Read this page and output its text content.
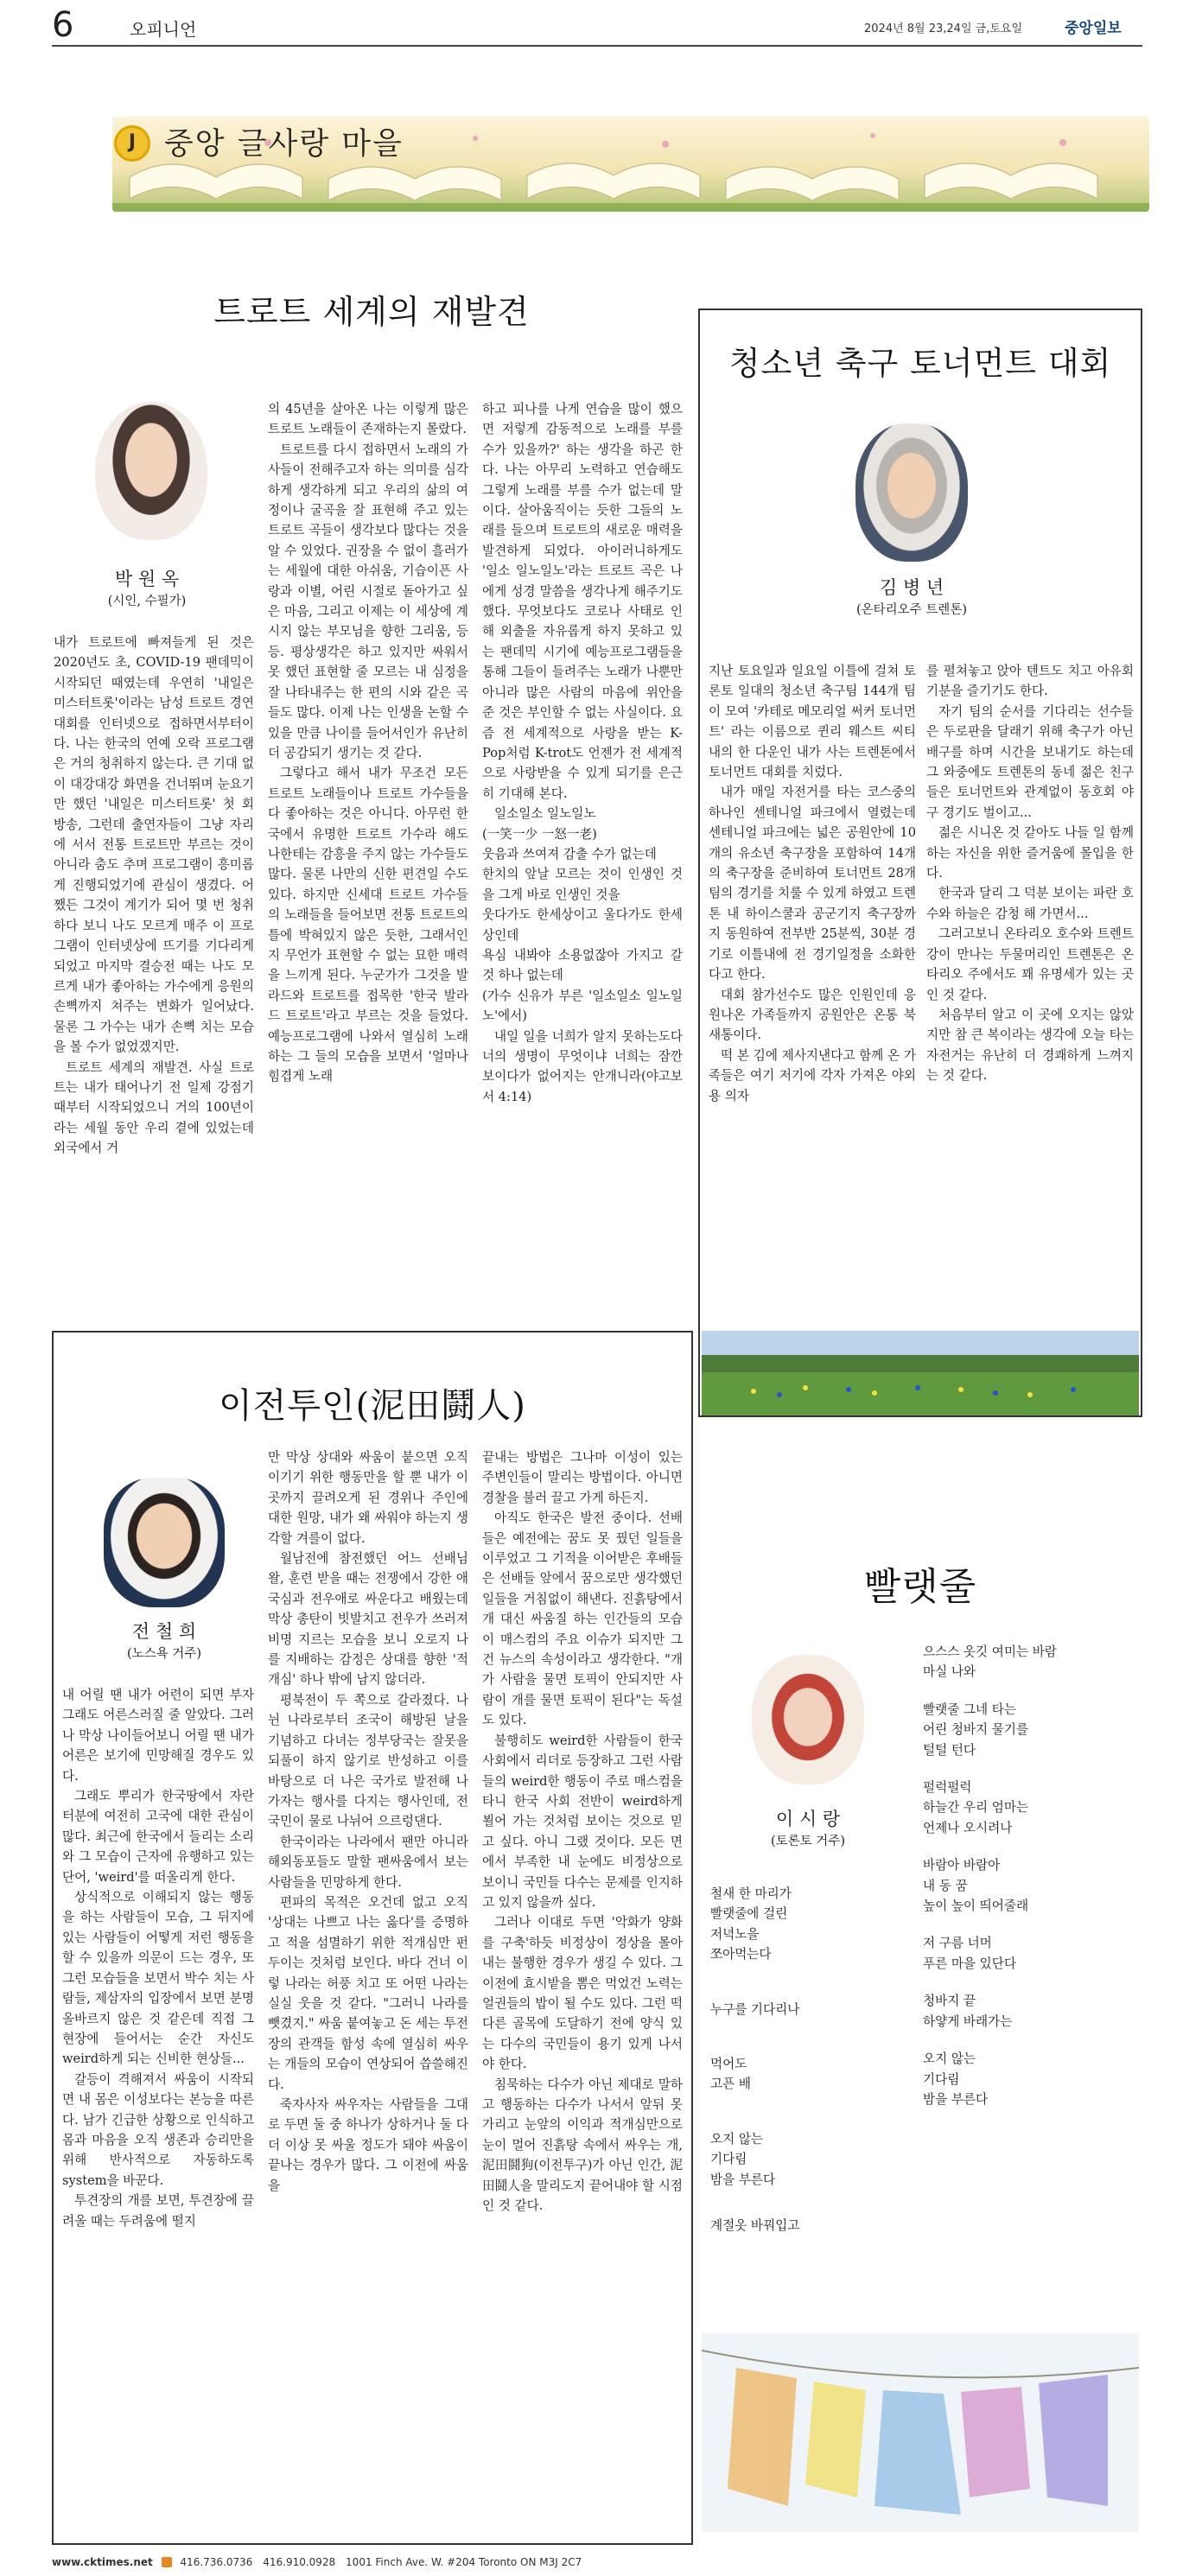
6	오피니언	2024년 8월 23,24일 금,토요일	중앙일보
J 중앙 글사랑 마을
트로트 세계의 재발견
박 원 옥
(시인, 수필가)

내가 트로트에 빠져들게 된 것은 2020년도 초, COVID-19 팬데믹이 시작되던 때였는데 우연히 '내일은 미스터트롯'이라는 남성 트로트 경연대회를 인터넷으로 접하면서부터이다. 나는 한국의 연예 오락 프로그램은 거의 청취하지 않는다. 큰 기대 없이 대강대강 화면을 건너뛰며 눈요기만 했던 '내일은 미스터트롯' 첫 회 방송, 그런데 출연자들이 그냥 자리에 서서 전통 트로트만 부르는 것이 아니라 춤도 추며 프로그램이 흥미롭게 진행되었기에 관심이 생겼다. 어쨌든 그것이 계기가 되어 몇 번 청취하다 보니 나도 모르게 매주 이 프로그램이 인터넷상에 뜨기를 기다리게 되었고 마지막 결승전 때는 나도 모르게 내가 좋아하는 가수에게 응원의 손뼉까지 쳐주는 변화가 일어났다. 물론 그 가수는 내가 손뼉 치는 모습을 볼 수가 없었겠지만.

트로트 세계의 재발견. 사실 트로트는 내가 태어나기 전 일제 강점기 때부터 시작되었으니 거의 100년이라는 세월 동안 우리 곁에 있었는데 외국에서 거

의 45년을 살아온 나는 이렇게 많은 트로트 노래들이 존재하는지 몰랐다.

트로트를 다시 접하면서 노래의 가사들이 전해주고자 하는 의미를 심각하게 생각하게 되고 우리의 삶의 여정이나 굴곡을 잘 표현해 주고 있는 트로트 곡들이 생각보다 많다는 것을 알 수 있었다. 권장을 수 없이 흘러가는 세월에 대한 아쉬움, 기습이픈 사랑과 이별, 어린 시절로 돌아가고 싶은 마음, 그리고 이제는 이 세상에 계시지 않는 부모님을 향한 그리움, 등등. 평상생각은 하고 있지만 싸워서 못 했던 표현할 줄 모르는 내 심정을 잘 나타내주는 한 편의 시와 같은 곡들도 많다. 이제 나는 인생을 논할 수 있을 만큼 나이를 들어서인가 유난히 더 공감되기 생기는 것 같다.

그렇다고 해서 내가 무조건 모든 트로트 노래들이나 트로트 가수들을 다 좋아하는 것은 아니다. 아무런 한국에서 유명한 트로트 가수라 해도 나한테는 감흥을 주지 않는 가수들도 많다. 물론 나만의 신한 편견일 수도 있다. 하지만 신세대 트로트 가수들의 노래들을 들어보면 전통 트로트의 틀에 박혀있지 않은 듯한, 그래서인지 무언가 표현할 수 없는 묘한 매력을 느끼게 된다. 누군가가 그것을 발라드와 트로트를 접목한 '한국 발라드 트로트'라고 부르는 것을 들었다. 예능프로그램에 나와서 열심히 노래하는 그 들의 모습을 보면서 '얼마나 힘겹게 노래

하고 피나를 나게 연습을 많이 했으면 저렇게 감동적으로 노래를 부를 수가 있을까?' 하는 생각을 하곤 한다. 나는 아무리 노력하고 연습해도 그렇게 노래를 부를 수가 없는데 말이다. 살아움직이는 듯한 그들의 노래를 들으며 트로트의 새로운 매력을 발견하게 되었다. 아이러니하게도 '일소 일노일노'라는 트로트 곡은 나에게 성경 말씀을 생각나게 해주기도 했다. 무엇보다도 코로나 사태로 인해 외출을 자유롭게 하지 못하고 있는 팬데믹 시기에 예능프로그램들을 통해 그들이 들려주는 노래가 나뿐만 아니라 많은 사람의 마음에 위안을 준 것은 부인할 수 없는 사실이다. 요즘 전 세계적으로 사랑을 받는 K-Pop처럼 K-trot도 언젠가 전 세계적으로 사랑받을 수 있게 되기를 은근히 기대해 본다.

일소일소 일노일노

(一笑一少 一怒一老)

웃음과 쓰여져 감출 수가 없는데

한치의 앞날 모르는 것이 인생인 것을 그게 바로 인생인 것을

웃다가도 한세상이고 울다가도 한세상인데

욕심 내봐야 소용없잖아 가지고 갈 것 하나 없는데

(가수 신유가 부른 '일소일소 일노일노'에서)

내일 일을 너희가 알지 못하는도다 너의 생명이 무엇이냐 너희는 잠깐 보이다가 없어지는 안개니라(야고보서 4:14)

청소년 축구 토너먼트 대회
김 병 년
(온타리오주 트렌톤)

지난 토요일과 일요일 이틀에 걸쳐 토론토 일대의 청소년 축구팀 144개 팀이 모여 '카테로 메모리얼 써커 토너먼트' 라는 이름으로 퀸리 웨스트 씨티 내의 한 다운인 내가 사는 트렌톤에서 토너먼트 대회를 치렀다.

내가 매일 자전거를 타는 코스중의 하나인 센테니얼 파크에서 열렸는데 센테니얼 파크에는 넓은 공원안에 10개의 유소년 축구장을 포함하여 14개의 축구장을 준비하여 토너먼트 28개팀의 경기를 치룰 수 있게 하였고 트렌톤 내 하이스쿨과 공군기지 축구장까지 동원하여 전부반 25분씩, 30분 경기로 이틀내에 전 경기일정을 소화한다고 한다.

대회 참가선수도 많은 인원인데 응원나온 가족들까지 공원안은 온통 북새통이다.

떡 본 김에 제사지낸다고 함께 온 가족들은 여기 저기에 각자 가져온 야외용 의자

를 펼쳐놓고 앉아 텐트도 치고 아유회 기분을 즐기기도 한다.

자기 팀의 순서를 기다리는 선수들은 두로판을 달래기 위해 축구가 아닌 배구를 하며 시간을 보내기도 하는데 그 와중에도 트렌톤의 동네 젊은 친구들은 토너먼트와 관계없이 동호회 야구 경기도 벌이고...

젊은 시니온 것 같아도 나들 일 함께하는 자신을 위한 즐거움에 몰입을 한다.

한국과 달리 그 덕분 보이는 파란 호수와 하늘은 감청 해 가면서...

그러고보니 온타리오 호수와 트렌트 강이 만나는 두물머리인 트렌톤은 온타리오 주에서도 꽤 유명세가 있는 곳인 것 같다.

처음부터 알고 이 곳에 오지는 않았지만 참 큰 복이라는 생각에 오늘 타는 자전거는 유난히 더 경쾌하게 느껴지는 것 같다.

이전투인(泥田鬪人)
전 철 희
(노스욕 거주)

내 어릴 땐 내가 어련이 되면 부자 그래도 어른스러질 줄 알았다. 그러나 막상 나이들어보니 어릴 땐 내가 어른은 보기에 민망해질 경우도 있다.

그래도 뿌리가 한국땅에서 자란 터분에 여전히 고국에 대한 관심이 많다. 최근에 한국에서 들리는 소리와 그 모습이 근자에 유행하고 있는 단어, 'weird'를 떠올리게 한다.

상식적으로 이해되지 않는 행동을 하는 사람들이 모습, 그 뒤지에 있는 사람들이 어떻게 저런 행동을 할 수 있을까 의문이 드는 경우, 또 그런 모습들을 보면서 박수 치는 사람들, 제삼자의 입장에서 보면 분명 올바르지 않은 것 같은데 직접 그 현장에 들어서는 순간 자신도 weird하게 되는 신비한 현상들...

갈등이 격해져서 싸움이 시작되면 내 몸은 이성보다는 본능을 따른다. 남가 긴급한 상황으로 인식하고 몸과 마음을 오직 생존과 승리만을 위해 반사적으로 자동하도록 system을 바꾼다.

투견장의 개를 보면, 투견장에 끌려올 때는 두려움에 떨지

만 막상 상대와 싸움이 붙으면 오직 이기기 위한 행동만을 할 뿐 내가 이곳까지 끌려오게 된 경위나 주인에 대한 원망, 내가 왜 싸워야 하는지 생각할 겨를이 없다.

월남전에 참전했던 어느 선배님 왈, 훈련 받을 때는 전쟁에서 강한 애국심과 전우애로 싸운다고 배웠는데 막상 총탄이 빗발치고 전우가 쓰러져 비명 지르는 모습을 보니 오로지 나를 지배하는 감정은 상대를 향한 '적개심' 하나 밖에 남지 않더라.

평북전이 두 쪽으로 갈라졌다. 나뉜 나라로부터 조국이 해방된 날을 기념하고 다녀는 정부당국는 잘못을 되풀이 하지 않기로 반성하고 이를 바탕으로 더 나은 국가로 발전해 나가자는 행사를 다지는 행사인데, 전 국민이 물로 나뉘어 으르렁댄다.

한국이라는 나라에서 팬만 아니라 해외동포들도 말할 팬싸움에서 보는 사람들을 민망하게 한다.

편파의 목적은 오건데 없고 오직 '상대는 나쁘고 나는 옳다'를 증명하고 적을 섬멸하기 위한 적개심만 펀두이는 것처럼 보인다. 바다 건너 이렇 나라는 허풍 치고 또 어떤 나라는 실실 웃을 것 같다. "그러니 나라를 뺏겼지." 싸움 붙여놓고 돈 세는 투전장의 관객들 함성 속에 열심히 싸우는 개들의 모습이 연상되어 씁쓸해진다.

죽자사자 싸우자는 사람들을 그대로 두면 둘 중 하나가 상하거나 둘 다 더 이상 못 싸울 정도가 돼야 싸움이 끝나는 경우가 많다. 그 이전에 싸움을

끝내는 방법은 그나마 이성이 있는 주변인들이 말리는 방법이다. 아니면 경찰을 불러 끌고 가게 하든지.

아직도 한국은 발전 중이다. 선배들은 예전에는 꿈도 못 꿨던 일들을 이루었고 그 기적을 이어받은 후배들은 선배들 앞에서 꿈으로만 생각했던 일들을 거침없이 해낸다. 진흙탕에서 개 대신 싸움질 하는 인간들의 모습이 매스컴의 주요 이슈가 되지만 그건 뉴스의 속성이라고 생각한다. "개가 사람을 물면 토픽이 안되지만 사람이 개를 물면 토픽이 된다"는 독설도 있다.

불행히도 weird한 사람들이 한국 사회에서 리더로 등장하고 그런 사람들의 weird한 행동이 주로 매스컴을 타니 한국 사회 전반이 weird하게 뵐어 가는 것처럼 보이는 것으로 믿고 싶다. 아니 그랬 것이다. 모든 면에서 부족한 내 눈에도 비정상으로 보이니 국민들 다수는 문제를 인지하고 있지 않을까 싶다.

그러나 이대로 두면 '악화가 양화를 구축'하듯 비정상이 정상을 몰아내는 불행한 경우가 생길 수 있다. 그 이전에 효시밭을 뽐은 먹었건 노력는 얼권들의 밥이 될 수도 있다. 그런 떡다른 골목에 도달하기 전에 양식 있는 다수의 국민들이 용기 있게 나서야 한다.

침묵하는 다수가 아닌 제대로 말하고 행동하는 다수가 나서서 앞뒤 못 가리고 눈앞의 이익과 적개심만으로 눈이 멀어 진흙탕 속에서 싸우는 개, 泥田鬪狗(이전투구)가 아닌 인간, 泥田鬪人을 말리도지 끝어내야 할 시점인 것 같다.

빨랫줄
이 시 랑
(토론토 거주)

철새 한 마리가

빨랫줄에 걸린

저녁노을

쪼아먹는다

누구를 기다리나

먹어도

고픈 배

오지 않는

기다림

밤을 부른다

계절옷 바꿔입고

으스스 옷깃 여미는 바람

마실 나와

빨랫줄 그네 타는

어린 청바지 물기를

털털 턴다

펄럭펄럭

하늘간 우리 엄마는

언제나 오시려나

바람아 바람아

내 동 꿈

높이 높이 띄어줄래

저 구름 너머

푸른 마을 있단다

청바지 끝

하얗게 바래가는

오지 않는

기다림

밤을 부른다

www.cktimes.net	416.736.0736 416.910.0928 1001 Finch Ave. W. #204 Toronto ON M3J 2C7
